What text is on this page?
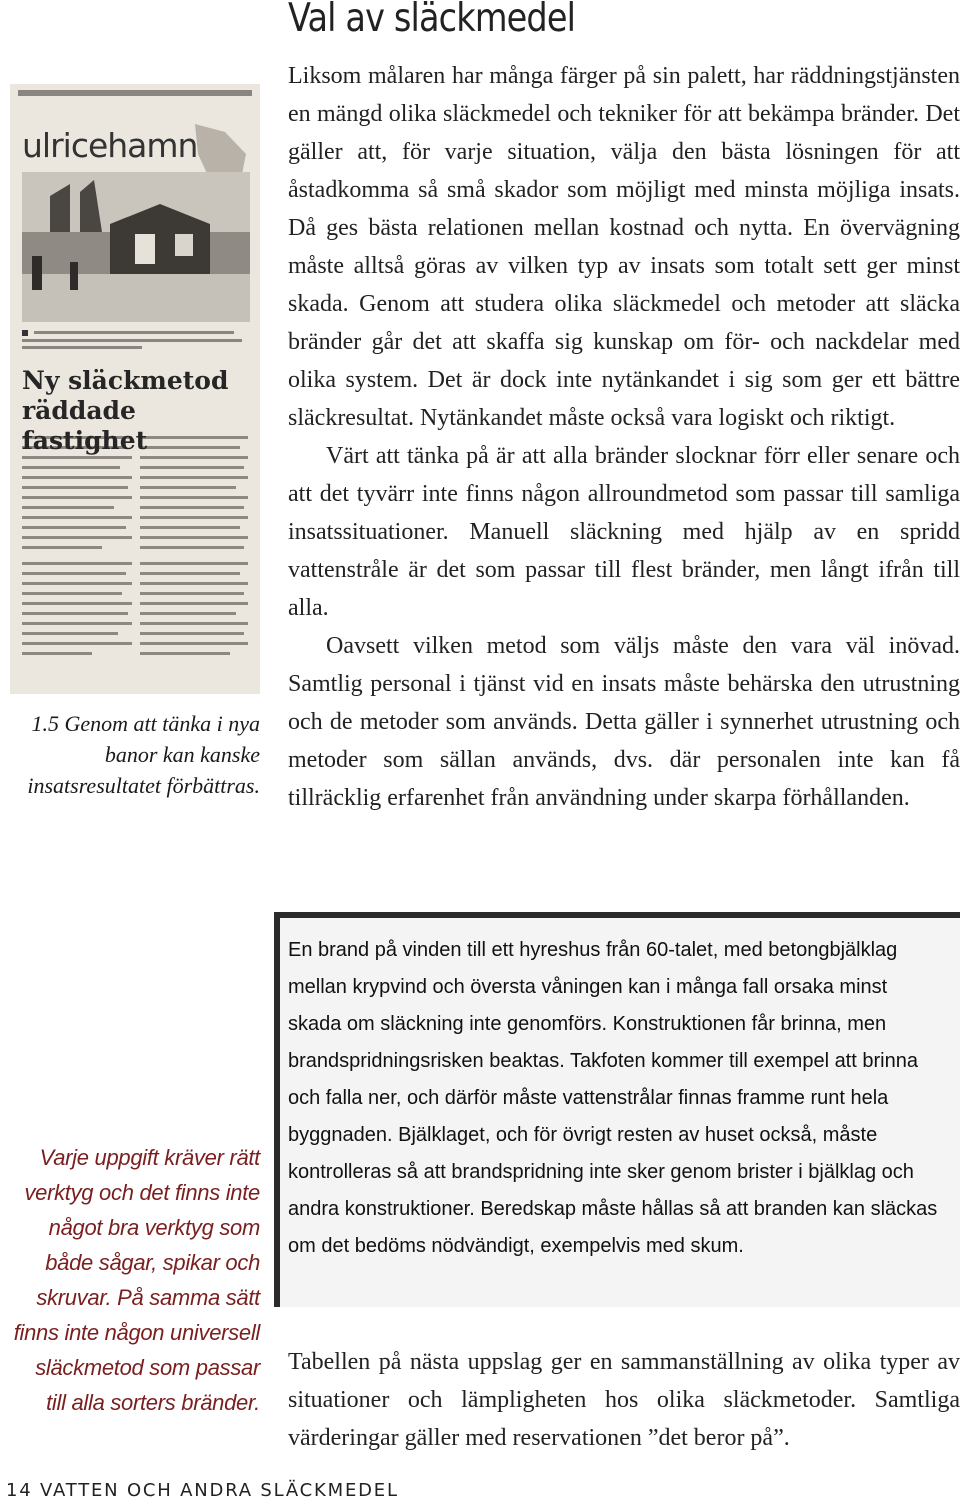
Val av släckmedel

Liksom målaren har många färger på sin palett, har räddningstjänsten en mängd olika släckmedel och tekniker för att bekämpa bränder. Det gäller att, för varje situation, välja den bästa lösningen för att åstadkomma så små skador som möjligt med minsta möjliga insats. Då ges bästa relationen mellan kostnad och nytta. En övervägning måste alltså göras av vilken typ av insats som totalt sett ger minst skada. Genom att studera olika släckmedel och metoder att släcka bränder går det att skaffa sig kunskap om för- och nackdelar med olika system. Det är dock inte nytänkandet i sig som ger ett bättre släckresultat. Nytänkandet måste också vara logiskt och riktigt.

Värt att tänka på är att alla bränder slocknar förr eller senare och att det tyvärr inte finns någon allroundmetod som passar till samliga insatssituationer. Manuell släckning med hjälp av en spridd vattenstråle är det som passar till flest bränder, men långt ifrån till alla.

Oavsett vilken metod som väljs måste den vara väl inövad. Samtlig personal i tjänst vid en insats måste behärska den utrustning och de metoder som används. Detta gäller i synnerhet utrustning och metoder som sällan används, dvs. där personalen inte kan få tillräcklig erfarenhet från användning under skarpa förhållanden.

ulricehamn

Ny släckmetod räddade fastighet

1.5 Genom att tänka i nya banor kan kanske insatsresultatet förbättras.

En brand på vinden till ett hyreshus från 60-talet, med betongbjälklag mellan krypvind och översta våningen kan i många fall orsaka minst skada om släckning inte genomförs. Konstruktionen får brinna, men brandspridningsrisken beaktas. Takfoten kommer till exempel att brinna och falla ner, och därför måste vattenstrålar finnas framme runt hela byggnaden. Bjälklaget, och för övrigt resten av huset också, måste kontrolleras så att brandspridning inte sker genom brister i bjälklag och andra konstruktioner. Beredskap måste hållas så att branden kan släckas om det bedöms nödvändigt, exempelvis med skum.

Varje uppgift kräver rätt verktyg och det finns inte något bra verktyg som både sågar, spikar och skruvar. På samma sätt finns inte någon universell släckmetod som passar till alla sorters bränder.

Tabellen på nästa uppslag ger en sammanställning av olika typer av situationer och lämpligheten hos olika släckmetoder. Samtliga värderingar gäller med reservationen ”det beror på”.

14 VATTEN OCH ANDRA SLÄCKMEDEL
